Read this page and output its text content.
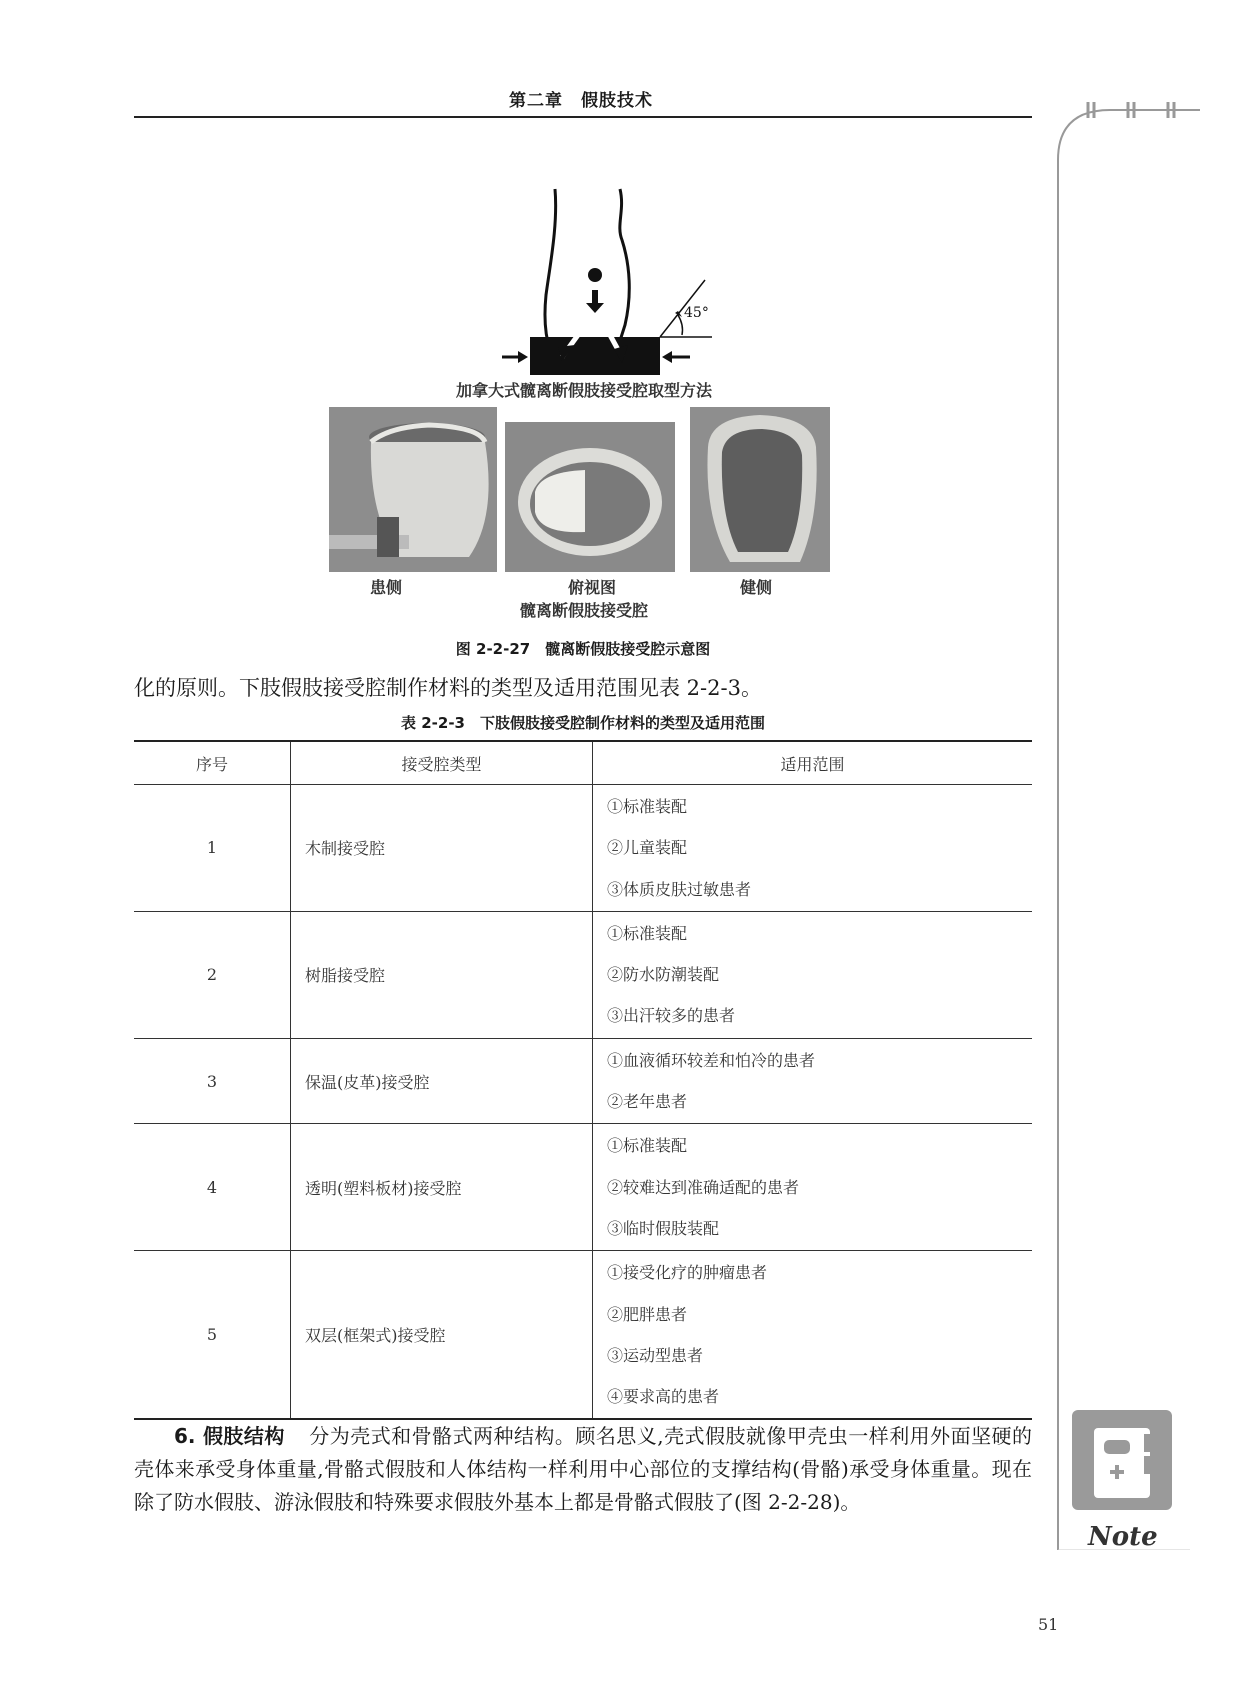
第二章　假肢技术
Note
45°
加拿大式髋离断假肢接受腔取型方法
患侧	俯视图	健侧
髋离断假肢接受腔
图 2-2-27　髋离断假肢接受腔示意图
化的原则。下肢假肢接受腔制作材料的类型及适用范围见表 2-2-3。
表 2-2-3　下肢假肢接受腔制作材料的类型及适用范围
序号	接受腔类型	适用范围
1	木制接受腔	①标准装配
②儿童装配
③体质皮肤过敏患者

2	树脂接受腔	①标准装配
②防水防潮装配
③出汗较多的患者

3	保温(皮革)接受腔	①血液循环较差和怕冷的患者
②老年患者

4	透明(塑料板材)接受腔	①标准装配
②较难达到准确适配的患者
③临时假肢装配

5	双层(框架式)接受腔	①接受化疗的肿瘤患者
②肥胖患者
③运动型患者
④要求高的患者
6. 假肢结构 分为壳式和骨骼式两种结构。顾名思义,壳式假肢就像甲壳虫一样利用外面坚硬的壳体来承受身体重量,骨骼式假肢和人体结构一样利用中心部位的支撑结构(骨骼)承受身体重量。现在除了防水假肢、游泳假肢和特殊要求假肢外基本上都是骨骼式假肢了(图 2-2-28)。
51
